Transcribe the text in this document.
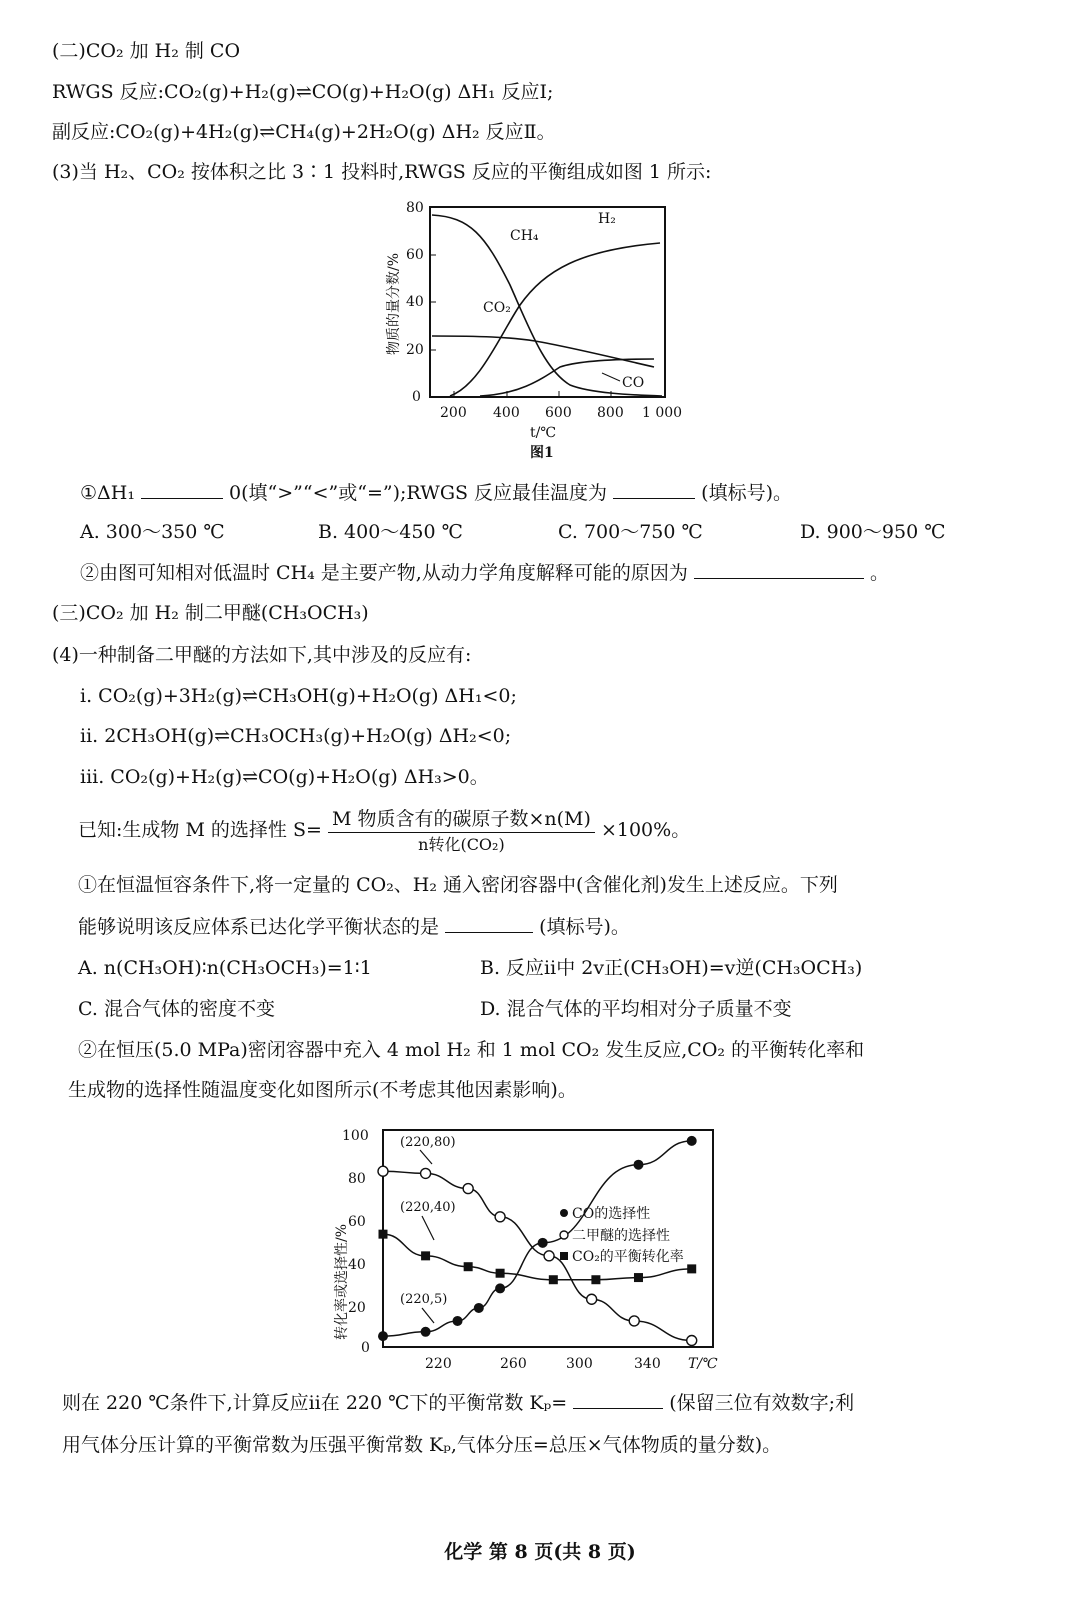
(二)CO₂ 加 H₂ 制 CO
RWGS 反应:CO₂(g)+H₂(g)⇌CO(g)+H₂O(g) ΔH₁ 反应Ⅰ;
副反应:CO₂(g)+4H₂(g)⇌CH₄(g)+2H₂O(g) ΔH₂ 反应Ⅱ。
(3)当 H₂、CO₂ 按体积之比 3∶1 投料时,RWGS 反应的平衡组成如图 1 所示:
CH₄
H₂
CO₂
CO
80
60
40
20
0
200 400 600 800 1 000
t/℃
图1
物质的量分数/%
①ΔH₁	0(填“>”“<”或“=”);RWGS 反应最佳温度为	(填标号)。
A. 300～350 ℃	B. 400～450 ℃	C. 700～750 ℃	D. 900～950 ℃
②由图可知相对低温时 CH₄ 是主要产物,从动力学角度解释可能的原因为	。
(三)CO₂ 加 H₂ 制二甲醚(CH₃OCH₃)
(4)一种制备二甲醚的方法如下,其中涉及的反应有:
ⅰ. CO₂(g)+3H₂(g)⇌CH₃OH(g)+H₂O(g) ΔH₁<0;
ⅱ. 2CH₃OH(g)⇌CH₃OCH₃(g)+H₂O(g) ΔH₂<0;
ⅲ. CO₂(g)+H₂(g)⇌CO(g)+H₂O(g) ΔH₃>0。
已知:生成物 M 的选择性 $S= \frac{\text{M 物质含有的碳原子数×n(M)}}{\text{n转化(CO₂)}} \times 100\%$。
①在恒温恒容条件下,将一定量的 CO₂、H₂ 通入密闭容器中(含催化剂)发生上述反应。下列
能够说明该反应体系已达化学平衡状态的是	(填标号)。
A. n(CH₃OH)∶n(CH₃OCH₃)=1∶1	B. 反应ⅱ中 2v正(CH₃OH)=v逆(CH₃OCH₃)
C. 混合气体的密度不变	D. 混合气体的平均相对分子质量不变
②在恒压(5.0 MPa)密闭容器中充入 4 mol H₂ 和 1 mol CO₂ 发生反应,CO₂ 的平衡转化率和
生成物的选择性随温度变化如图所示(不考虑其他因素影响)。
100
80
60
40
20
0
220	260	300	340 T/℃
转化率或选择性/%
(220,80)
(220,40)
(220,5)
CO的选择性
二甲醚的选择性
CO₂的平衡转化率
则在 220 ℃条件下,计算反应ⅱ在 220 ℃下的平衡常数 Kₚ=	(保留三位有效数字;利
用气体分压计算的平衡常数为压强平衡常数 Kₚ,气体分压=总压×气体物质的量分数)。
化学 第 8 页(共 8 页)
